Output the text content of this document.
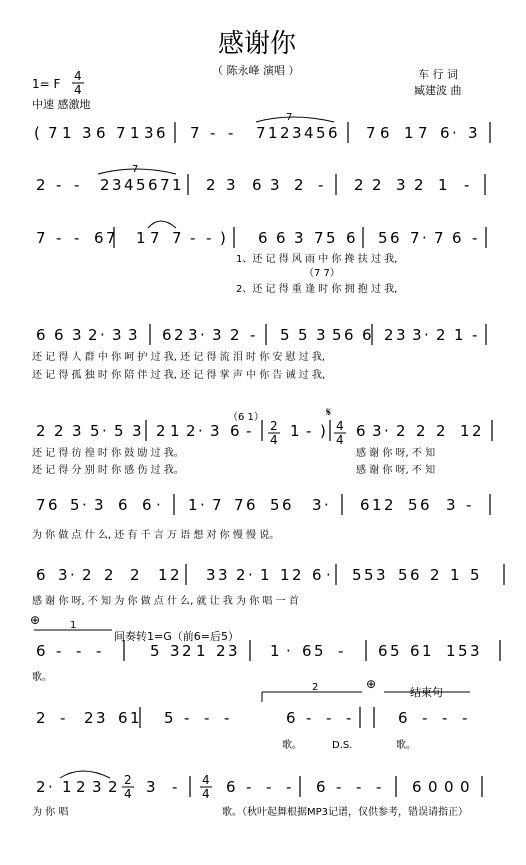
感谢你
（ 陈永峰 演唱 ）
1= F
4
4
中速 感激地
车 行 词
臧建波 曲
( 7 1 3 6 7 1 3 6 7 - - 7 1 2 3 4 5 6 7 6 1 7 6 · 3
2 - - 2 3 4 5 6 7 1 2 3 6 3 2 - 2 2 3 2 1 -
7 - - 6 7 1 7 7 - - ) 6 6 3 7 5 6 5 6 7 · 7 6 -
6 6 3 2 · 3 3 6 2 3 · 3 2 - 5 5 3 5 6 6 2 3 3 · 2 1 -
2 2 3 5 · 5 3 2 1 2 · 3 6 -	1 - ) 6 3 · 2 2 2 1 2
7 6 5 · 3 6 6 · 1 · 7 7 6 5 6 3 · 6 1 2 5 6 3 -
6 3 · 2 2 2 1 2 3 3 2 · 1 1 2 6 · 5 5 3 5 6 2 1 5
6 - - -	5 3 2 1 2 3 1 · 6 5 - 6 5 6 1 1 5 3
2 - 2 3 6 1 5 - - -	6 - - -	6 - - -
2 · 1 2 3 2 3 -	6 - - - 6 - - - 6 0 0 0
1、还 记 得 风 雨 中 你 搀 扶 过 我,
2、还 记 得 重 逢 时 你 拥 抱 过 我,
还 记 得 人 群 中 你 呵 护 过 我, 还 记 得 流 泪 时 你 安 慰 过 我,
还 记 得 孤 独 时 你 陪 伴 过 我, 还 记 得 掌 声 中 你 告 诫 过 我,
还 记 得 彷 徨 时 你 鼓 励 过 我。
还 记 得 分 别 时 你 感 伤 过 我。
感 谢 你 呀, 不 知
感 谢 你 呀, 不 知
为 你 做 点 什 么, 还 有 千 言 万 语 想 对 你 慢 慢 说。
感 谢 你 呀, 不 知 为 你 做 点 什 么, 就 让 我 为 你 唱 一 首
歌。
歌。	D.S.	歌。
为 你 唱	歌。（秋叶起舞根据MP3记谱，仅供参考，错误请指正）
7
7
（7 7）
（6 1）
2
4
4
4
𝄋
⊕	1
间奏转1=G（前6=后5）
2	⊕
结束句
2
4
4
4
